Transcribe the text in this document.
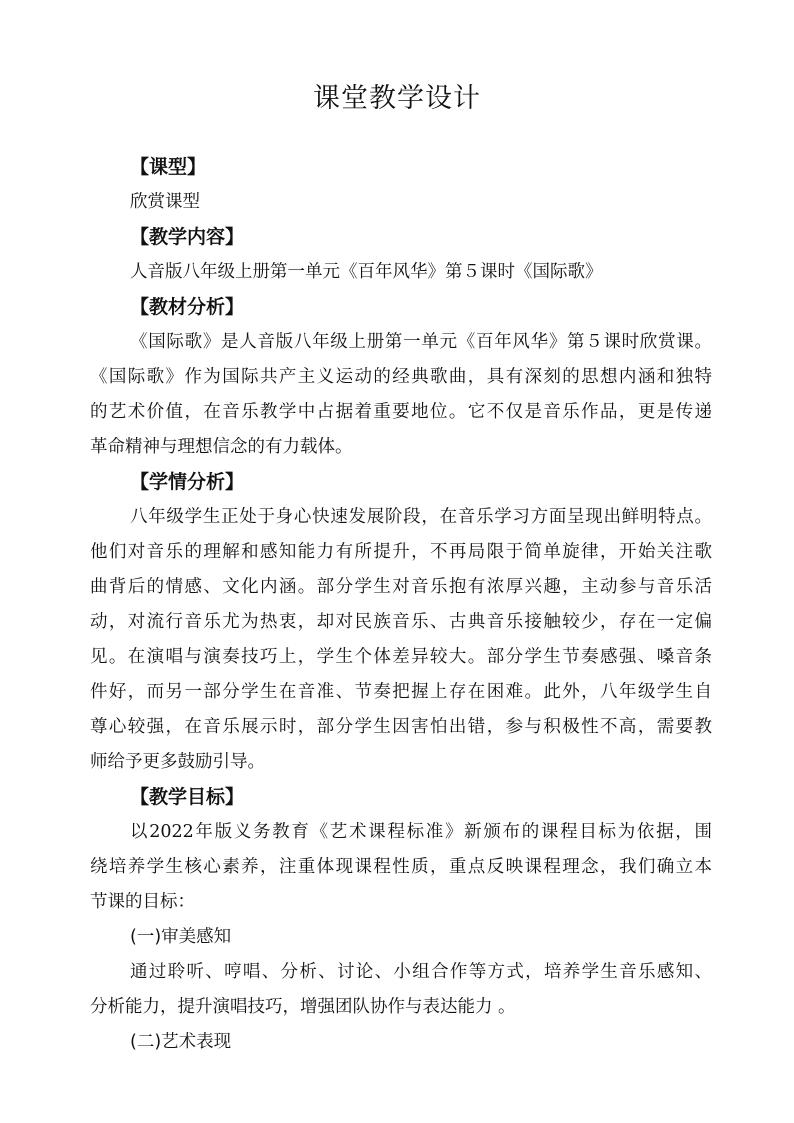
课堂教学设计
【课型】
欣赏课型
【教学内容】
人音版八年级上册第一单元《百年风华》第５课时《国际歌》
【教材分析】
《国际歌》是人音版八年级上册第一单元《百年风华》第５课时欣赏课。
《国际歌》作为国际共产主义运动的经典歌曲，具有深刻的思想内涵和独特
的艺术价值，在音乐教学中占据着重要地位。它不仅是音乐作品，更是传递
革命精神与理想信念的有力载体。
【学情分析】
八年级学生正处于身心快速发展阶段，在音乐学习方面呈现出鲜明特点。
他们对音乐的理解和感知能力有所提升，不再局限于简单旋律，开始关注歌
曲背后的情感、文化内涵。部分学生对音乐抱有浓厚兴趣，主动参与音乐活
动，对流行音乐尤为热衷，却对民族音乐、古典音乐接触较少，存在一定偏
见。在演唱与演奏技巧上，学生个体差异较大。部分学生节奏感强、嗓音条
件好，而另一部分学生在音准、节奏把握上存在困难。此外，八年级学生自
尊心较强，在音乐展示时，部分学生因害怕出错，参与积极性不高，需要教
师给予更多鼓励引导。
【教学目标】
以2022年版义务教育《艺术课程标准》新颁布的课程目标为依据，围
绕培养学生核心素养，注重体现课程性质，重点反映课程理念，我们确立本
节课的目标：
(一)审美感知
通过聆听、哼唱、分析、讨论、小组合作等方式，培养学生音乐感知、
分析能力，提升演唱技巧，增强团队协作与表达能力 。
(二)艺术表现
